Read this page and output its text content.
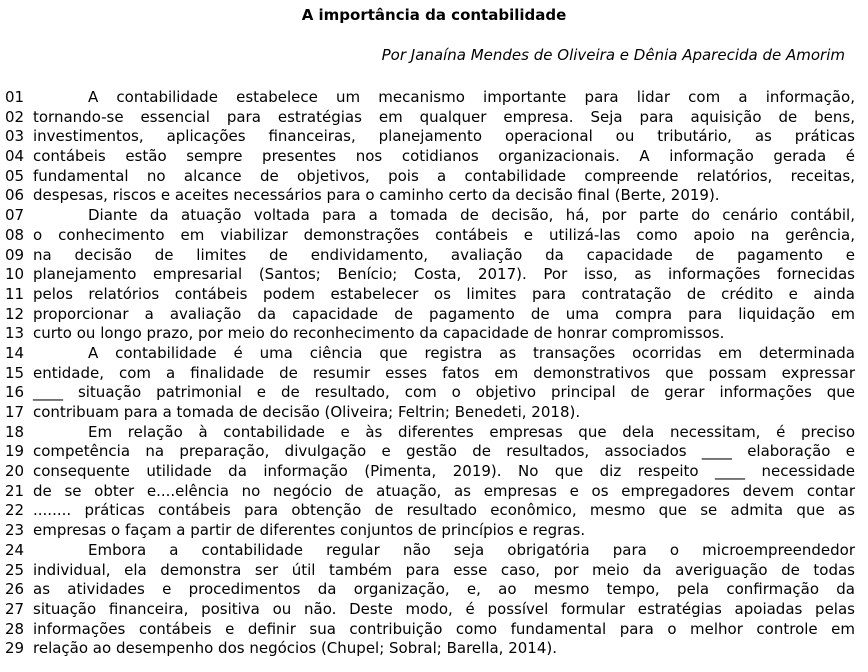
A importância da contabilidade
Por Janaína Mendes de Oliveira e Dênia Aparecida de Amorim
01	A contabilidade estabelece um mecanismo importante para lidar com a informação,
02 tornando-se essencial para estratégias em qualquer empresa. Seja para aquisição de bens,
03 investimentos, aplicações financeiras, planejamento operacional ou tributário, as práticas
04 contábeis estão sempre presentes nos cotidianos organizacionais. A informação gerada é
05 fundamental no alcance de objetivos, pois a contabilidade compreende relatórios, receitas,
06 despesas, riscos e aceites necessários para o caminho certo da decisão final (Berte, 2019).
07	Diante da atuação voltada para a tomada de decisão, há, por parte do cenário contábil,
08 o conhecimento em viabilizar demonstrações contábeis e utilizá-las como apoio na gerência,
09 na decisão de limites de endividamento, avaliação da capacidade de pagamento e
10 planejamento empresarial (Santos; Benício; Costa, 2017). Por isso, as informações fornecidas
11 pelos relatórios contábeis podem estabelecer os limites para contratação de crédito e ainda
12 proporcionar a avaliação da capacidade de pagamento de uma compra para liquidação em
13 curto ou longo prazo, por meio do reconhecimento da capacidade de honrar compromissos.
14	A contabilidade é uma ciência que registra as transações ocorridas em determinada
15 entidade, com a finalidade de resumir esses fatos em demonstrativos que possam expressar
16 ____ situação patrimonial e de resultado, com o objetivo principal de gerar informações que
17 contribuam para a tomada de decisão (Oliveira; Feltrin; Benedeti, 2018).
18	Em relação à contabilidade e às diferentes empresas que dela necessitam, é preciso
19 competência na preparação, divulgação e gestão de resultados, associados ____ elaboração e
20 consequente utilidade da informação (Pimenta, 2019). No que diz respeito ____ necessidade
21 de se obter e....elência no negócio de atuação, as empresas e os empregadores devem contar
22 ........ práticas contábeis para obtenção de resultado econômico, mesmo que se admita que as
23 empresas o façam a partir de diferentes conjuntos de princípios e regras.
24	Embora a contabilidade regular não seja obrigatória para o microempreendedor
25 individual, ela demonstra ser útil também para esse caso, por meio da averiguação de todas
26 as atividades e procedimentos da organização, e, ao mesmo tempo, pela confirmação da
27 situação financeira, positiva ou não. Deste modo, é possível formular estratégias apoiadas pelas
28 informações contábeis e definir sua contribuição como fundamental para o melhor controle em
29 relação ao desempenho dos negócios (Chupel; Sobral; Barella, 2014).
